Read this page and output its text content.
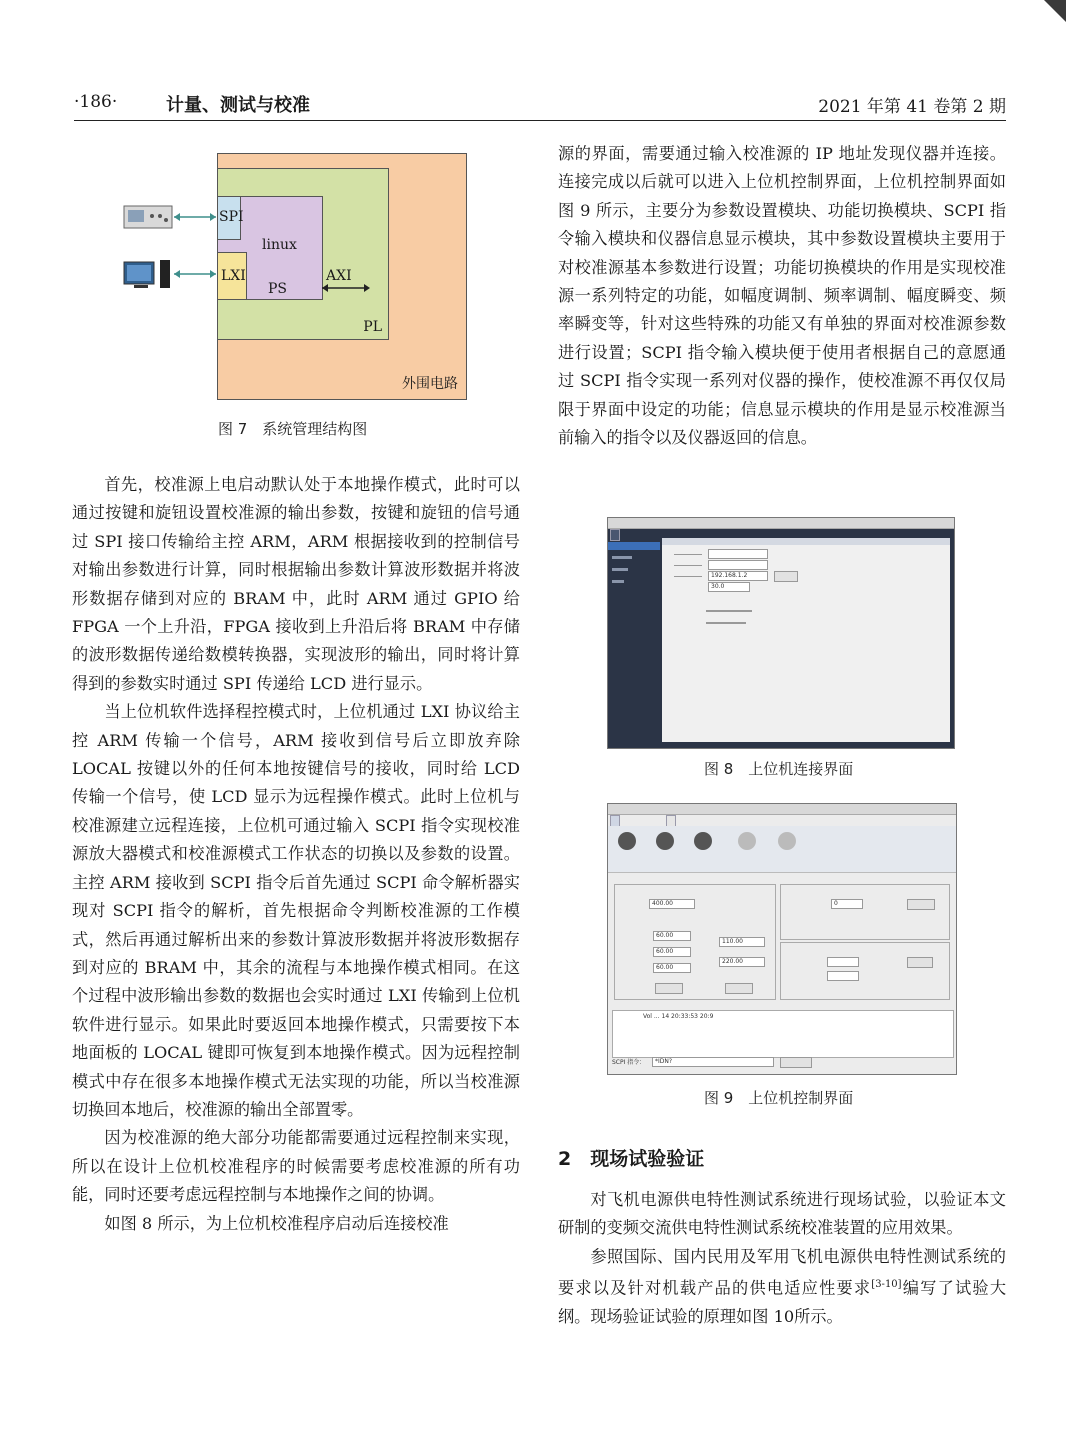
·186·	计量、测试与校准	2021 年第 41 卷第 2 期
外围电路
PL
linux
PS
SPI
LXI	AXI
图 7　系统管理结构图

首先，校准源上电启动默认处于本地操作模式，此时可以通过按键和旋钮设置校准源的输出参数，按键和旋钮的信号通过 SPI 接口传输给主控 ARM，ARM 根据接收到的控制信号对输出参数进行计算，同时根据输出参数计算波形数据并将波形数据存储到对应的 BRAM 中，此时 ARM 通过 GPIO 给 FPGA 一个上升沿，FPGA 接收到上升沿后将 BRAM 中存储的波形数据传递给数模转换器，实现波形的输出，同时将计算得到的参数实时通过 SPI 传递给 LCD 进行显示。

当上位机软件选择程控模式时，上位机通过 LXI 协议给主控 ARM 传输一个信号，ARM 接收到信号后立即放弃除 LOCAL 按键以外的任何本地按键信号的接收，同时给 LCD 传输一个信号，使 LCD 显示为远程操作模式。此时上位机与校准源建立远程连接，上位机可通过输入 SCPI 指令实现校准源放大器模式和校准源模式工作状态的切换以及参数的设置。主控 ARM 接收到 SCPI 指令后首先通过 SCPI 命令解析器实现对 SCPI 指令的解析，首先根据命令判断校准源的工作模式，然后再通过解析出来的参数计算波形数据并将波形数据存到对应的 BRAM 中，其余的流程与本地操作模式相同。在这个过程中波形输出参数的数据也会实时通过 LXI 传输到上位机软件进行显示。如果此时要返回本地操作模式，只需要按下本地面板的 LOCAL 键即可恢复到本地操作模式。因为远程控制模式中存在很多本地操作模式无法实现的功能，所以当校准源切换回本地后，校准源的输出全部置零。

因为校准源的绝大部分功能都需要通过远程控制来实现，所以在设计上位机校准程序的时候需要考虑校准源的所有功能，同时还要考虑远程控制与本地操作之间的协调。

如图 8 所示，为上位机校准程序启动后连接校准

源的界面，需要通过输入校准源的 IP 地址发现仪器并连接。连接完成以后就可以进入上位机控制界面，上位机控制界面如图 9 所示，主要分为参数设置模块、功能切换模块、SCPI 指令输入模块和仪器信息显示模块，其中参数设置模块主要用于对校准源基本参数进行设置；功能切换模块的作用是实现校准源一系列特定的功能，如幅度调制、频率调制、幅度瞬变、频率瞬变等，针对这些特殊的功能又有单独的界面对校准源参数进行设置；SCPI 指令输入模块便于使用者根据自己的意愿通过 SCPI 指令实现一系列对仪器的操作，使校准源不再仅仅局限于界面中设定的功能；信息显示模块的作用是显示校准源当前输入的指令以及仪器返回的信息。

192.168.1.2
30.0
图 8　上位机连接界面
400.00
60.00
60.00
60.00
110.00
220.00
0
Vol ... 14 20:33:53 20:9
SCPI 指令： *IDN?
图 9　上位机控制界面
2　现场试验验证

对飞机电源供电特性测试系统进行现场试验，以验证本文研制的变频交流供电特性测试系统校准装置的应用效果。

参照国际、国内民用及军用飞机电源供电特性测试系统的要求以及针对机载产品的供电适应性要求[3-10]编写了试验大纲。现场验证试验的原理如图 10所示。
